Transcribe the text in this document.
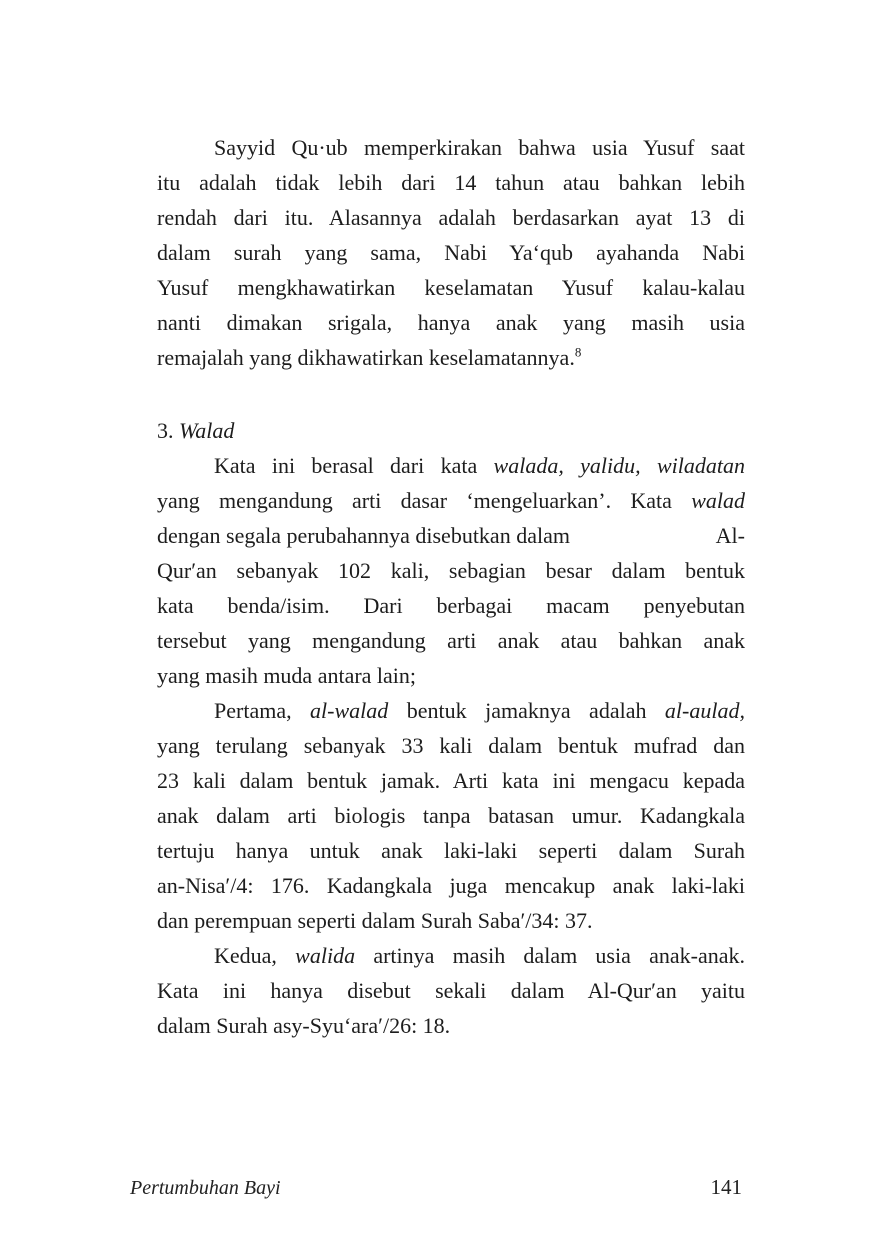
Sayyid Qu·ub memperkirakan bahwa usia Yusuf saat
itu adalah tidak lebih dari 14 tahun atau bahkan lebih
rendah dari itu. Alasannya adalah berdasarkan ayat 13 di
dalam surah yang sama, Nabi Ya‘qub ayahanda Nabi
Yusuf mengkhawatirkan keselamatan Yusuf kalau-kalau
nanti dimakan srigala, hanya anak yang masih usia
remajalah yang dikhawatirkan keselamatannya.$^8$
3. Walad
Kata ini berasal dari kata walada, yalidu, wiladatan
yang mengandung arti dasar ‘mengeluarkan’. Kata walad
dengan segala perubahannya disebutkan dalam	Al-
Qur′an sebanyak 102 kali, sebagian besar dalam bentuk
kata benda/isim. Dari berbagai macam penyebutan
tersebut yang mengandung arti anak atau bahkan anak
yang masih muda antara lain;
Pertama, al-walad bentuk jamaknya adalah al-aulad,
yang terulang sebanyak 33 kali dalam bentuk mufrad dan
23 kali dalam bentuk jamak. Arti kata ini mengacu kepada
anak dalam arti biologis tanpa batasan umur. Kadangkala
tertuju hanya untuk anak laki-laki seperti dalam Surah
an-Nisa′/4: 176. Kadangkala juga mencakup anak laki-laki
dan perempuan seperti dalam Surah Saba′/34: 37.
Kedua, walida artinya masih dalam usia anak-anak.
Kata ini hanya disebut sekali dalam Al-Qur′an yaitu
dalam Surah asy-Syu‘ara′/26: 18.
Pertumbuhan Bayi	141
